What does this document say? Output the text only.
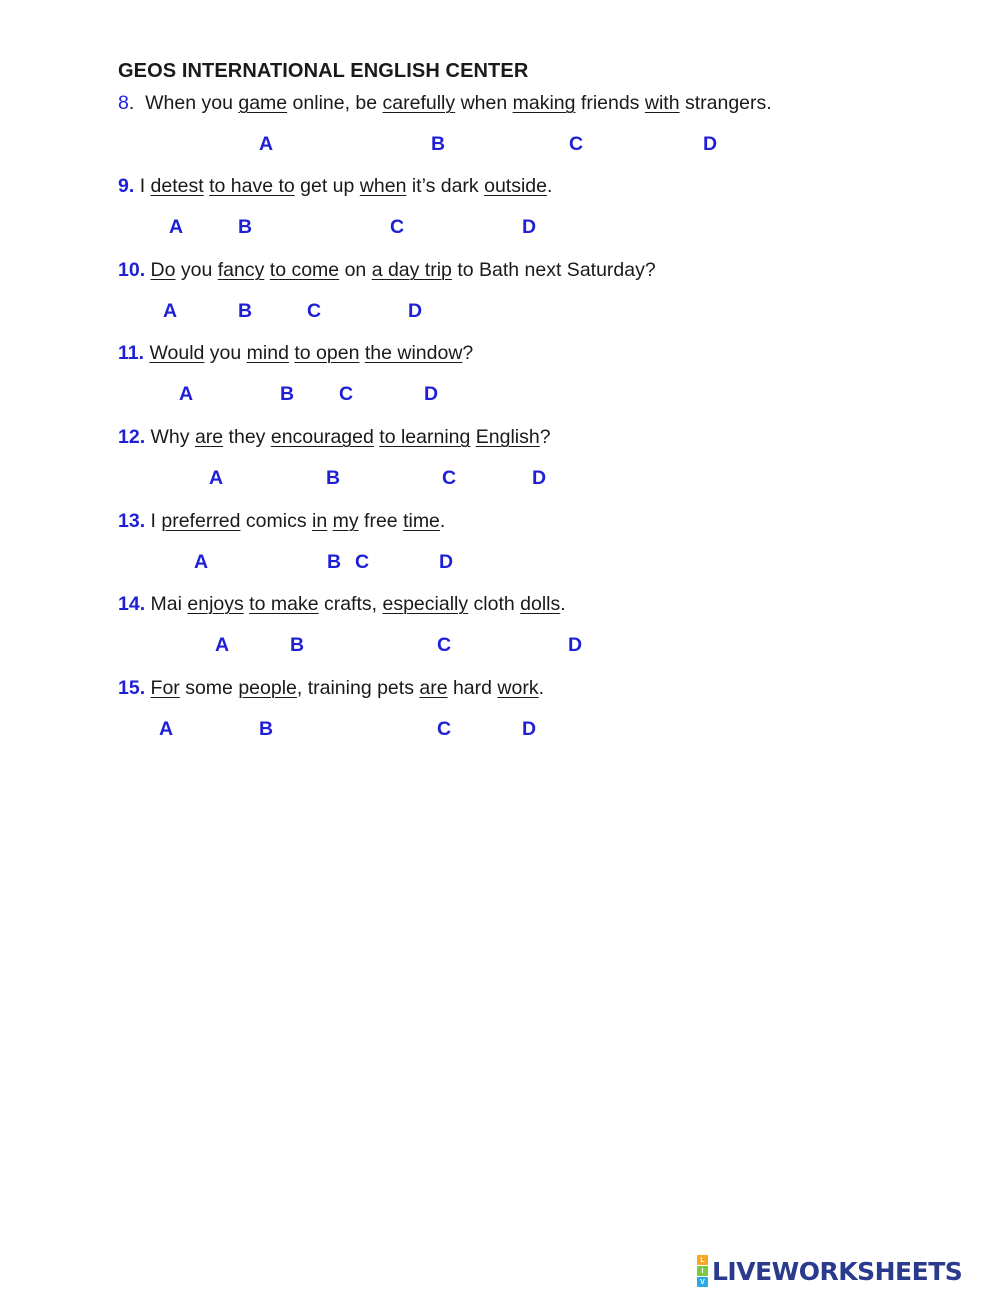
GEOS INTERNATIONAL ENGLISH CENTER
8.  When you game online, be carefully when making friends with strangers.
A	B	C	D
9. I detest to have to get up when it’s dark outside.
A	B	C	D
10. Do you fancy to come on a day trip to Bath next Saturday?
A	B	C	D
11. Would you mind to open the window?
A	B C	D
12. Why are they encouraged to learning English?
A	B	C	D
13. I preferred comics in my free time.
A	B C	D
14. Mai enjoys to make crafts, especially cloth dolls.
A	B	C	D
15. For some people, training pets are hard work.
A	B	C	D
L
I
V LIVEWORKSHEETS
